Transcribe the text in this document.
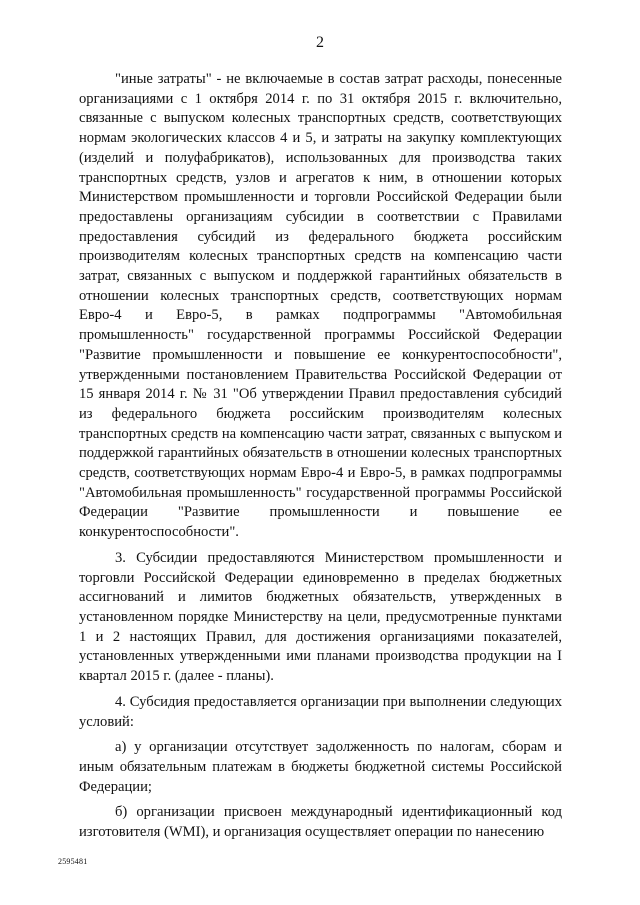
2

"иные затраты" - не включаемые в состав затрат расходы, понесенные организациями с 1 октября 2014 г. по 31 октября 2015 г. включительно, связанные с выпуском колесных транспортных средств, соответствующих нормам экологических классов 4 и 5, и затраты на закупку комплектующих (изделий и полуфабрикатов), использованных для производства таких транспортных средств, узлов и агрегатов к ним, в отношении которых Министерством промышленности и торговли Российской Федерации были предоставлены организациям субсидии в соответствии с Правилами предоставления субсидий из федерального бюджета российским производителям колесных транспортных средств на компенсацию части затрат, связанных с выпуском и поддержкой гарантийных обязательств в отношении колесных транспортных средств, соответствующих нормам Евро-4 и Евро-5, в рамках подпрограммы "Автомобильная промышленность" государственной программы Российской Федерации "Развитие промышленности и повышение ее конкурентоспособности", утвержденными постановлением Правительства Российской Федерации от 15 января 2014 г. № 31 "Об утверждении Правил предоставления субсидий из федерального бюджета российским производителям колесных транспортных средств на компенсацию части затрат, связанных с выпуском и поддержкой гарантийных обязательств в отношении колесных транспортных средств, соответствующих нормам Евро-4 и Евро-5, в рамках подпрограммы "Автомобильная промышленность" государственной программы Российской Федерации "Развитие промышленности и повышение ее конкурентоспособности".

3. Субсидии предоставляются Министерством промышленности и торговли Российской Федерации единовременно в пределах бюджетных ассигнований и лимитов бюджетных обязательств, утвержденных в установленном порядке Министерству на цели, предусмотренные пунктами 1 и 2 настоящих Правил, для достижения организациями показателей, установленных утвержденными ими планами производства продукции на I квартал 2015 г. (далее - планы).

4. Субсидия предоставляется организации при выполнении следующих условий:

а) у организации отсутствует задолженность по налогам, сборам и иным обязательным платежам в бюджеты бюджетной системы Российской Федерации;

б) организации присвоен международный идентификационный код изготовителя (WMI), и организация осуществляет операции по нанесению

2595481
